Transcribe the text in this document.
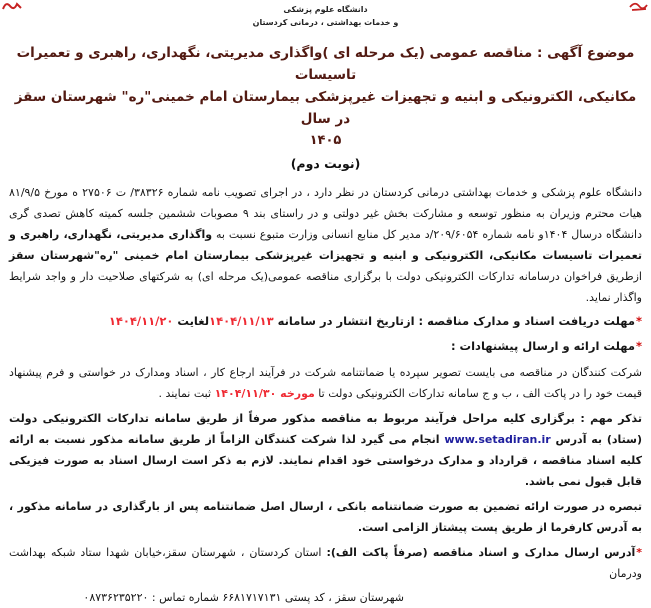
دانشگاه علوم پزشکی
و خدمات بهداشتی ، درمانی کردستان
موضوع آگهی : مناقصه عمومی (یک مرحله ای )واگذاری مدیریتی، نگهداری، راهبری و تعمیرات تاسیسات
مکانیکی، الکترونیکی و ابنیه و تجهیزات غیرپزشکی بیمارستان امام خمینی"ره" شهرستان سقز در سال
۱۴۰۵
(نوبت دوم)

دانشگاه علوم پزشکی و خدمات بهداشتی درمانی کردستان در نظر دارد ، در اجرای تصویب نامه شماره ۳۸۳۲۶/ ت ۲۷۵۰۶ ه مورخ ۸۱/۹/۵ هیات محترم وزیران به منظور توسعه و مشارکت بخش غیر دولتی و در راستای بند ۹ مصوبات ششمین جلسه کمیته کاهش تصدی گری دانشگاه درسال ۱۴۰۴و نامه شماره ۲۰۹/۶۰۵۴/د مدیر کل منابع انسانی وزارت متبوع نسبت به واگذاری مدیریتی، نگهداری، راهبری و تعمیرات تاسیسات مکانیکی، الکترونیکی و ابنیه و تجهیزات غیرپزشکی بیمارستان امام خمینی "ره"شهرستان سقز ازطریق فراخوان درسامانه تدارکات الکترونیکی دولت با برگزاری مناقصه عمومی(یک مرحله ای) به شرکتهای صلاحیت دار و واجد شرایط واگذار نماید.

*مهلت دریافت اسناد و مدارک مناقصه : ازتاریخ انتشار در سامانه ۱۴۰۴/۱۱/۱۳لغایت ۱۴۰۴/۱۱/۲۰

*مهلت ارائه و ارسال پیشنهادات :

شرکت کنندگان در مناقصه می بایست تصویر سپرده یا ضمانتنامه شرکت در فرآیند ارجاع کار ، اسناد ومدارک در خواستی و فرم پیشنهاد قیمت خود را در پاکت الف ، ب و ج سامانه تدارکات الکترونیکی دولت تا مورخه ۱۴۰۴/۱۱/۳۰ ثبت نمایند .

تذکر مهم : برگزاری کلیه مراحل فرآیند مربوط به مناقصه مذکور صرفاً از طریق سامانه تدارکات الکترونیکی دولت (ستاد) به آدرس www.setadiran.ir انجام می گیرد لذا شرکت کنندگان الزاماً از طریق سامانه مذکور نسبت به ارائه کلیه اسناد مناقصه ، قرارداد و مدارک درخواستی خود اقدام نمایند. لازم به ذکر است ارسال اسناد به صورت فیزیکی قابل قبول نمی باشد.

تبصره در صورت ارائه تضمین به صورت ضمانتنامه بانکی ، ارسال اصل ضمانتنامه پس از بارگذاری در سامانه مذکور ، به آدرس کارفرما از طریق پست پیشتاز الزامی است.

*آدرس ارسال مدارک و اسناد مناقصه (صرفاً پاکت الف): استان کردستان ، شهرستان سقز،خیابان شهدا ستاد شبکه بهداشت ودرمان

شهرستان سقز ، کد پستی ۶۶۸۱۷۱۷۱۳۱ شماره تماس : ۰۸۷۳۶۲۳۵۲۲۰
